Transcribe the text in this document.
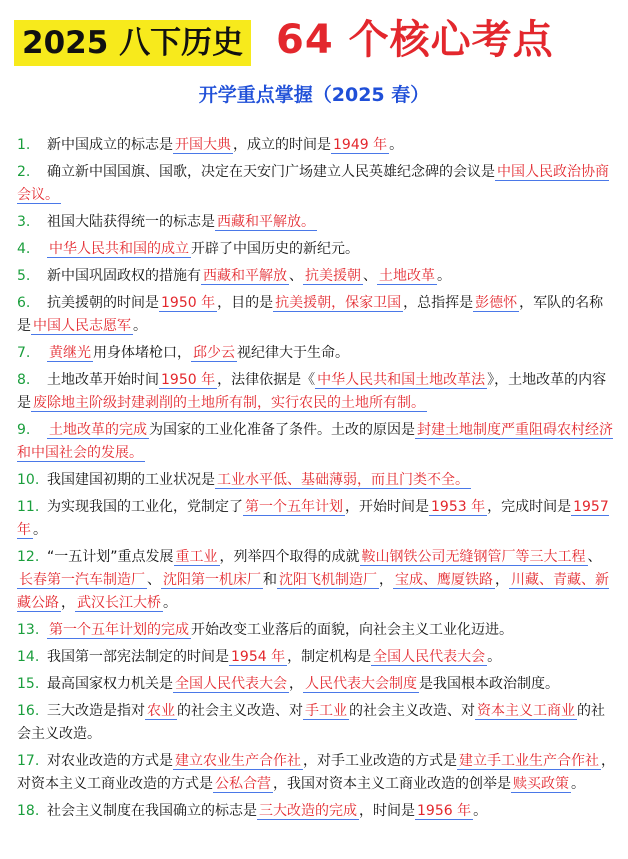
2025 八下历史 64 个核心考点
开学重点掌握（2025 春）
1. 新中国成立的标志是 开国大典 ，成立的时间是 1949 年 。
2. 确立新中国国旗、国歌，决定在天安门广场建立人民英雄纪念碑的会议是 中国人民政治协商会议。
3. 祖国大陆获得统一的标志是 西藏和平解放。
4. 中华人民共和国的成立 开辟了中国历史的新纪元。
5. 新中国巩固政权的措施有 西藏和平解放 、 抗美援朝 、 土地改革 。
6. 抗美援朝的时间是 1950 年 ，目的是 抗美援朝，保家卫国 ，总指挥是 彭德怀 ，军队的名称是 中国人民志愿军 。
7. 黄继光 用身体堵枪口， 邱少云 视纪律大于生命。
8. 土地改革开始时间 1950 年 ，法律依据是《 中华人民共和国土地改革法 》，土地改革的内容是 废除地主阶级封建剥削的土地所有制，实行农民的土地所有制。
9. 土地改革的完成 为国家的工业化准备了条件。土改的原因是 封建土地制度严重阻碍农村经济和中国社会的发展。
10. 我国建国初期的工业状况是 工业水平低、基础薄弱，而且门类不全。
11. 为实现我国的工业化，党制定了 第一个五年计划 ，开始时间是 1953 年 ，完成时间是 1957 年 。
12. “一五计划”重点发展 重工业 ，列举四个取得的成就 鞍山钢铁公司无缝钢管厂等三大工程 、长春第一汽车制造厂 、 沈阳第一机床厂 和 沈阳飞机制造厂 ， 宝成、鹰厦铁路 ， 川藏、青藏、新藏公路 ， 武汉长江大桥 。
13. 第一个五年计划的完成 开始改变工业落后的面貌，向社会主义工业化迈进。
14. 我国第一部宪法制定的时间是 1954 年 ，制定机构是 全国人民代表大会 。
15. 最高国家权力机关是 全国人民代表大会 ， 人民代表大会制度 是我国根本政治制度。
16. 三大改造是指对 农业 的社会主义改造、对 手工业 的社会主义改造、对 资本主义工商业 的社会主义改造。
17. 对农业改造的方式是 建立农业生产合作社 ，对手工业改造的方式是 建立手工业生产合作社 ，对资本主义工商业改造的方式是 公私合营 ，我国对资本主义工商业改造的创举是 赎买政策 。
18. 社会主义制度在我国确立的标志是 三大改造的完成 ，时间是 1956 年 。
